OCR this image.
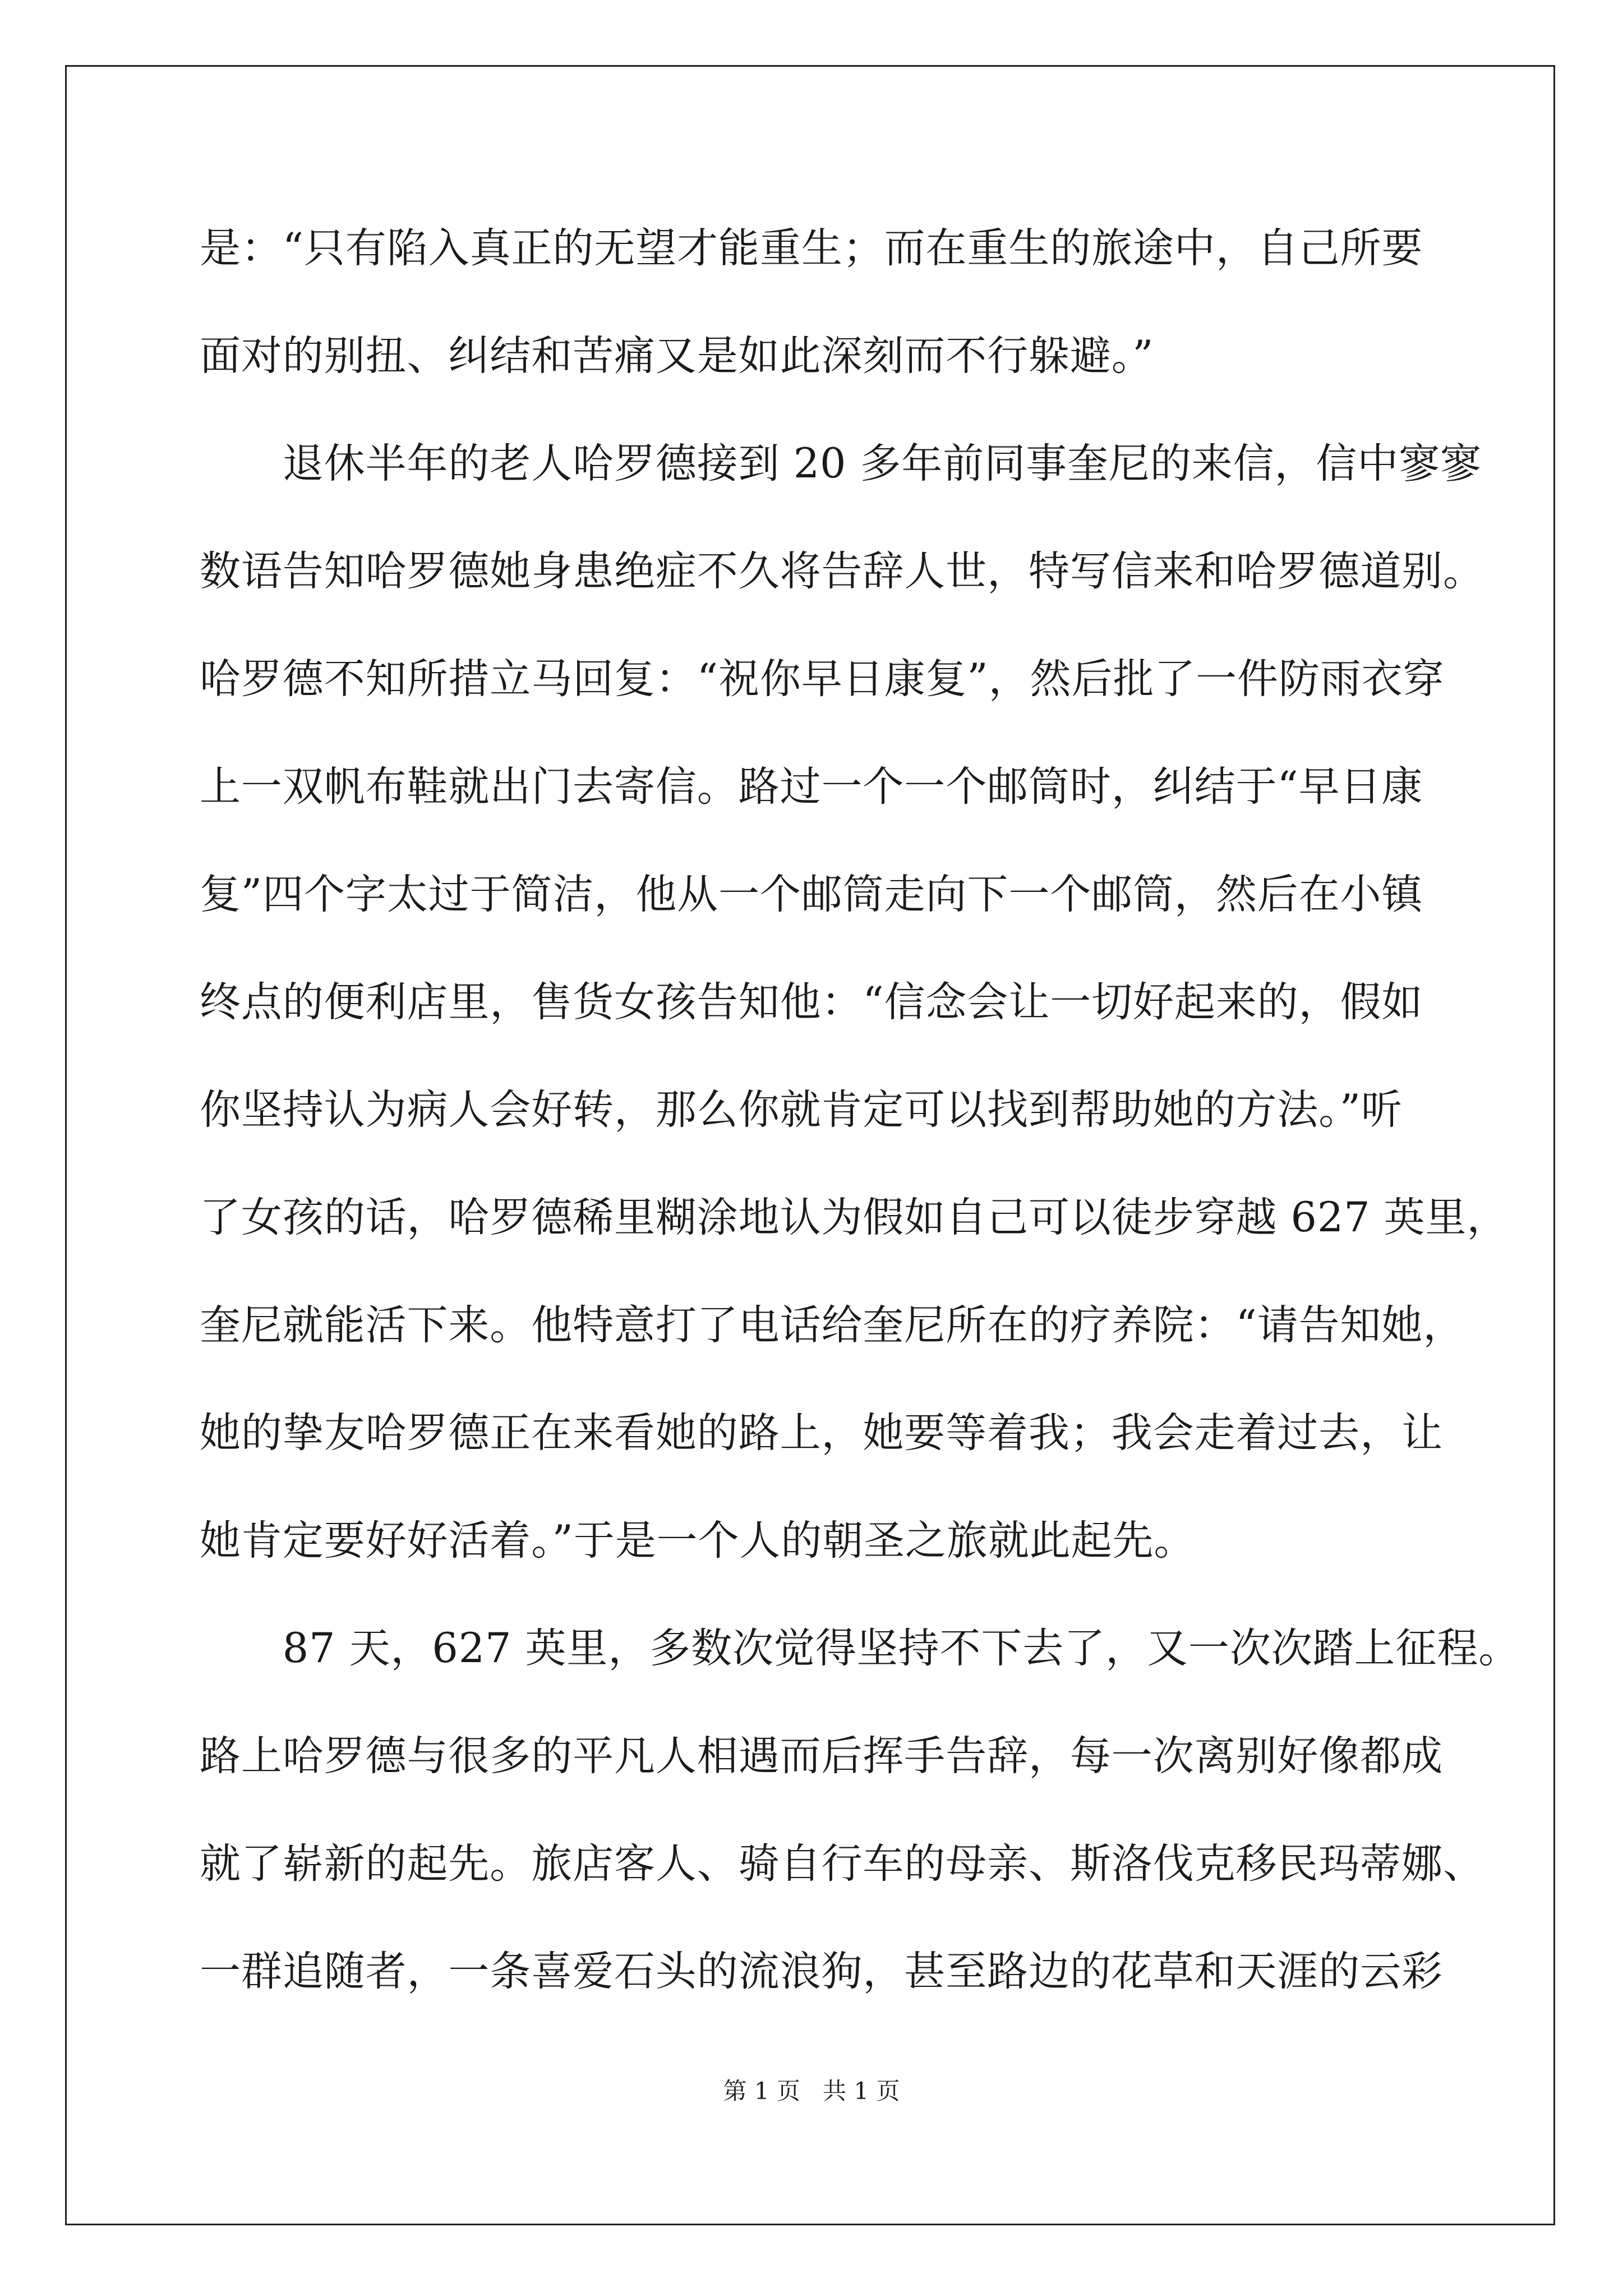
是：“只有陷入真正的无望才能重生；而在重生的旅途中，自己所要
面对的别扭、纠结和苦痛又是如此深刻而不行躲避。”
　　退休半年的老人哈罗德接到 20 多年前同事奎尼的来信，信中寥寥
数语告知哈罗德她身患绝症不久将告辞人世，特写信来和哈罗德道别。
哈罗德不知所措立马回复：“祝你早日康复”，然后批了一件防雨衣穿
上一双帆布鞋就出门去寄信。路过一个一个邮筒时，纠结于“早日康
复”四个字太过于简洁，他从一个邮筒走向下一个邮筒，然后在小镇
终点的便利店里，售货女孩告知他：“信念会让一切好起来的，假如
你坚持认为病人会好转，那么你就肯定可以找到帮助她的方法。”听
了女孩的话，哈罗德稀里糊涂地认为假如自己可以徒步穿越 627 英里，
奎尼就能活下来。他特意打了电话给奎尼所在的疗养院：“请告知她，
她的挚友哈罗德正在来看她的路上，她要等着我；我会走着过去，让
她肯定要好好活着。”于是一个人的朝圣之旅就此起先。
　　87 天，627 英里，多数次觉得坚持不下去了，又一次次踏上征程。
路上哈罗德与很多的平凡人相遇而后挥手告辞，每一次离别好像都成
就了崭新的起先。旅店客人、骑自行车的母亲、斯洛伐克移民玛蒂娜、
一群追随者，一条喜爱石头的流浪狗，甚至路边的花草和天涯的云彩
第 1 页   共 1 页
